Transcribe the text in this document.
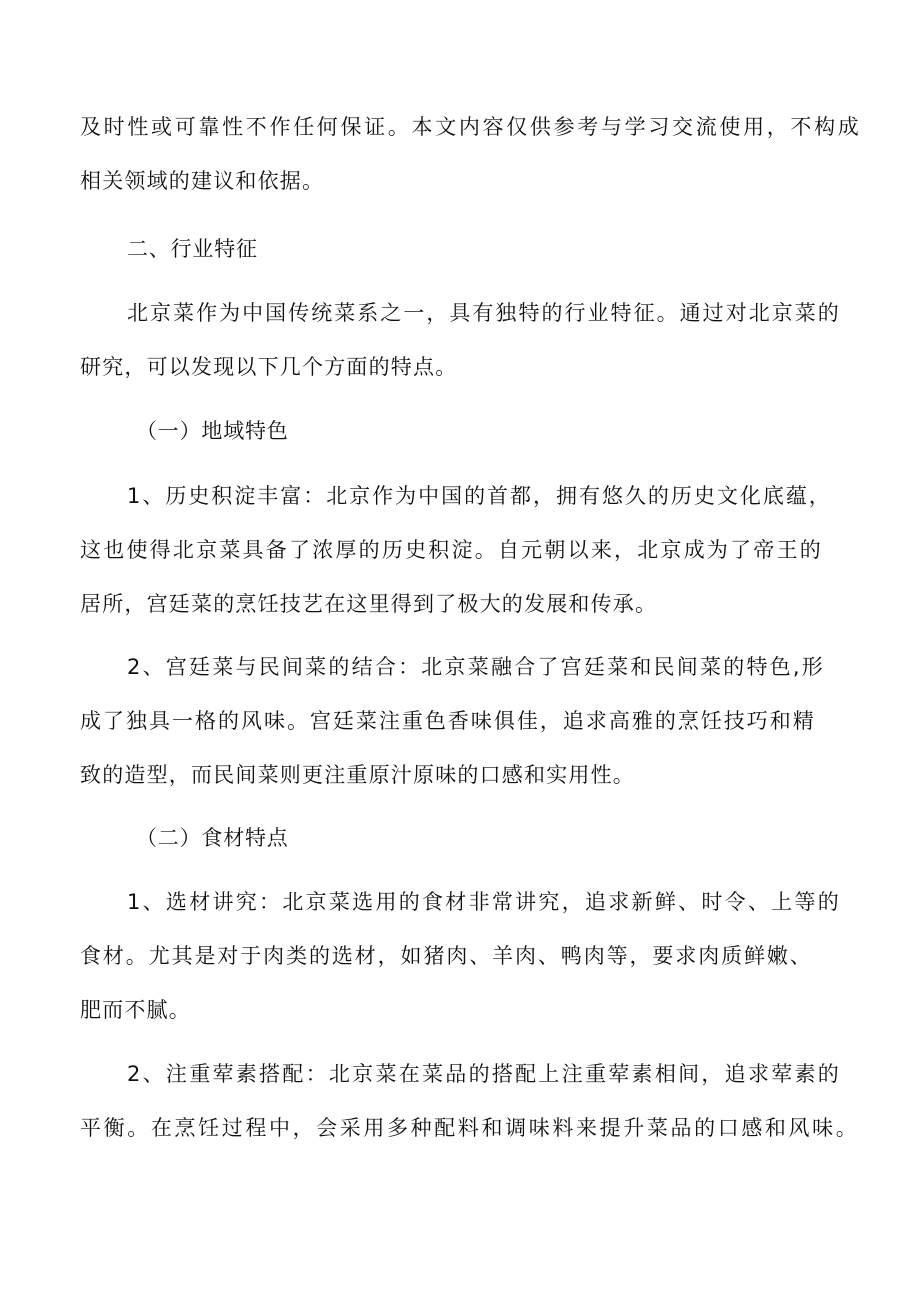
及时性或可靠性不作任何保证。本文内容仅供参考与学习交流使用，不构成
相关领域的建议和依据。
二、行业特征
北京菜作为中国传统菜系之一，具有独特的行业特征。通过对北京菜的
研究，可以发现以下几个方面的特点。
（一）地域特色
1、历史积淀丰富：北京作为中国的首都，拥有悠久的历史文化底蕴，
这也使得北京菜具备了浓厚的历史积淀。自元朝以来，北京成为了帝王的
居所，宫廷菜的烹饪技艺在这里得到了极大的发展和传承。
2、宫廷菜与民间菜的结合：北京菜融合了宫廷菜和民间菜的特色,形
成了独具一格的风味。宫廷菜注重色香味俱佳，追求高雅的烹饪技巧和精
致的造型，而民间菜则更注重原汁原味的口感和实用性。
（二）食材特点
1、选材讲究：北京菜选用的食材非常讲究，追求新鲜、时令、上等的
食材。尤其是对于肉类的选材，如猪肉、羊肉、鸭肉等，要求肉质鲜嫩、
肥而不腻。
2、注重荤素搭配：北京菜在菜品的搭配上注重荤素相间，追求荤素的
平衡。在烹饪过程中，会采用多种配料和调味料来提升菜品的口感和风味。
